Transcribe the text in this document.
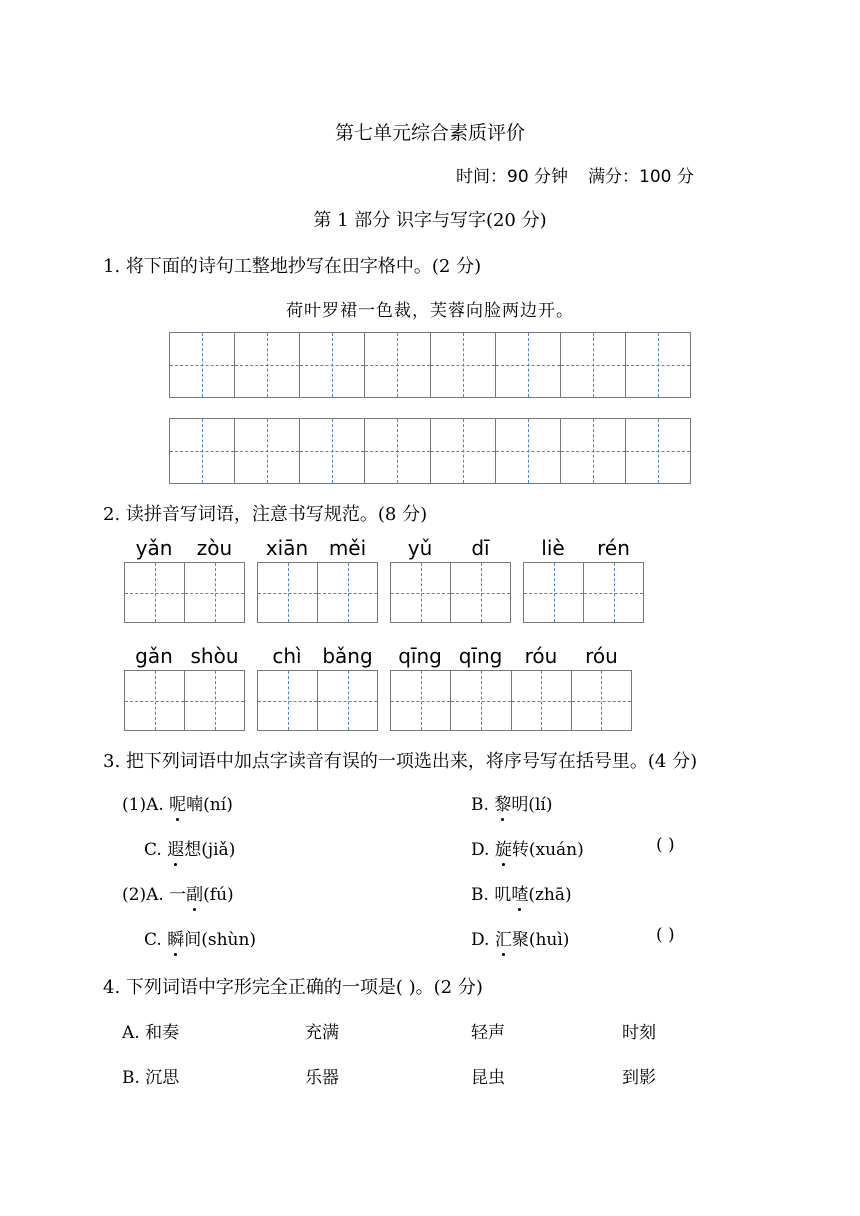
第七单元综合素质评价
时间：90 分钟 满分：100 分
第 1 部分 识字与写字(20 分)
1. 将下面的诗句工整地抄写在田字格中。(2 分)
荷叶罗裙一色裁，芙蓉向脸两边开。
2. 读拼音写词语，注意书写规范。(8 分)
yǎn	zòu	xiān	měi	yǔ	dī	liè	rén
gǎn shòu	chì	bǎng	qīng qīng	róu	róu
3. 把下列词语中加点字读音有误的一项选出来，将序号写在括号里。(4 分)
(1)A. 呢喃(ní)	B. 黎明(lí)
C. 遐想(jiǎ)	D. 旋转(xuán)	( )
(2)A. 一副(fú)	B. 叽喳(zhā)
C. 瞬间(shùn)	D. 汇聚(huì)	( )
4. 下列词语中字形完全正确的一项是( )。(2 分)
A. 和奏	充满	轻声	时刻
B. 沉思	乐器	昆虫	到影
